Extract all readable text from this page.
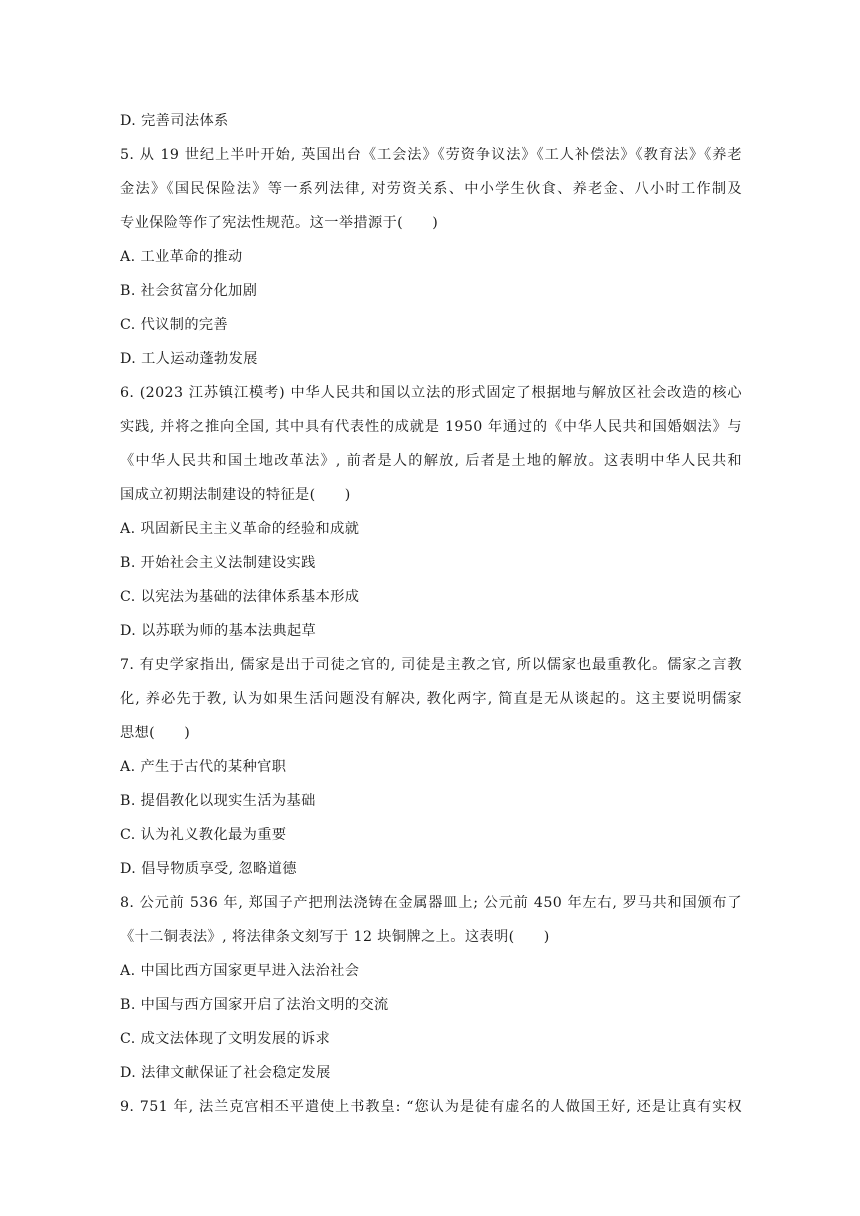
D. 完善司法体系
5. 从 19 世纪上半叶开始, 英国出台《工会法》《劳资争议法》《工人补偿法》《教育法》《养老
金法》《国民保险法》等一系列法律, 对劳资关系、中小学生伙食、养老金、八小时工作制及
专业保险等作了宪法性规范。这一举措源于(　　)
A. 工业革命的推动
B. 社会贫富分化加剧
C. 代议制的完善
D. 工人运动蓬勃发展
6. (2023 江苏镇江模考) 中华人民共和国以立法的形式固定了根据地与解放区社会改造的核心
实践, 并将之推向全国, 其中具有代表性的成就是 1950 年通过的《中华人民共和国婚姻法》与
《中华人民共和国土地改革法》, 前者是人的解放, 后者是土地的解放。这表明中华人民共和
国成立初期法制建设的特征是(　　)
A. 巩固新民主主义革命的经验和成就
B. 开始社会主义法制建设实践
C. 以宪法为基础的法律体系基本形成
D. 以苏联为师的基本法典起草
7. 有史学家指出, 儒家是出于司徒之官的, 司徒是主教之官, 所以儒家也最重教化。儒家之言教
化, 养必先于教, 认为如果生活问题没有解决, 教化两字, 简直是无从谈起的。这主要说明儒家
思想(　　)
A. 产生于古代的某种官职
B. 提倡教化以现实生活为基础
C. 认为礼义教化最为重要
D. 倡导物质享受, 忽略道德
8. 公元前 536 年, 郑国子产把刑法浇铸在金属器皿上; 公元前 450 年左右, 罗马共和国颁布了
《十二铜表法》, 将法律条文刻写于 12 块铜牌之上。这表明(　　)
A. 中国比西方国家更早进入法治社会
B. 中国与西方国家开启了法治文明的交流
C. 成文法体现了文明发展的诉求
D. 法律文献保证了社会稳定发展
9. 751 年, 法兰克宫相丕平遣使上书教皇: “您认为是徒有虚名的人做国王好, 还是让真有实权
